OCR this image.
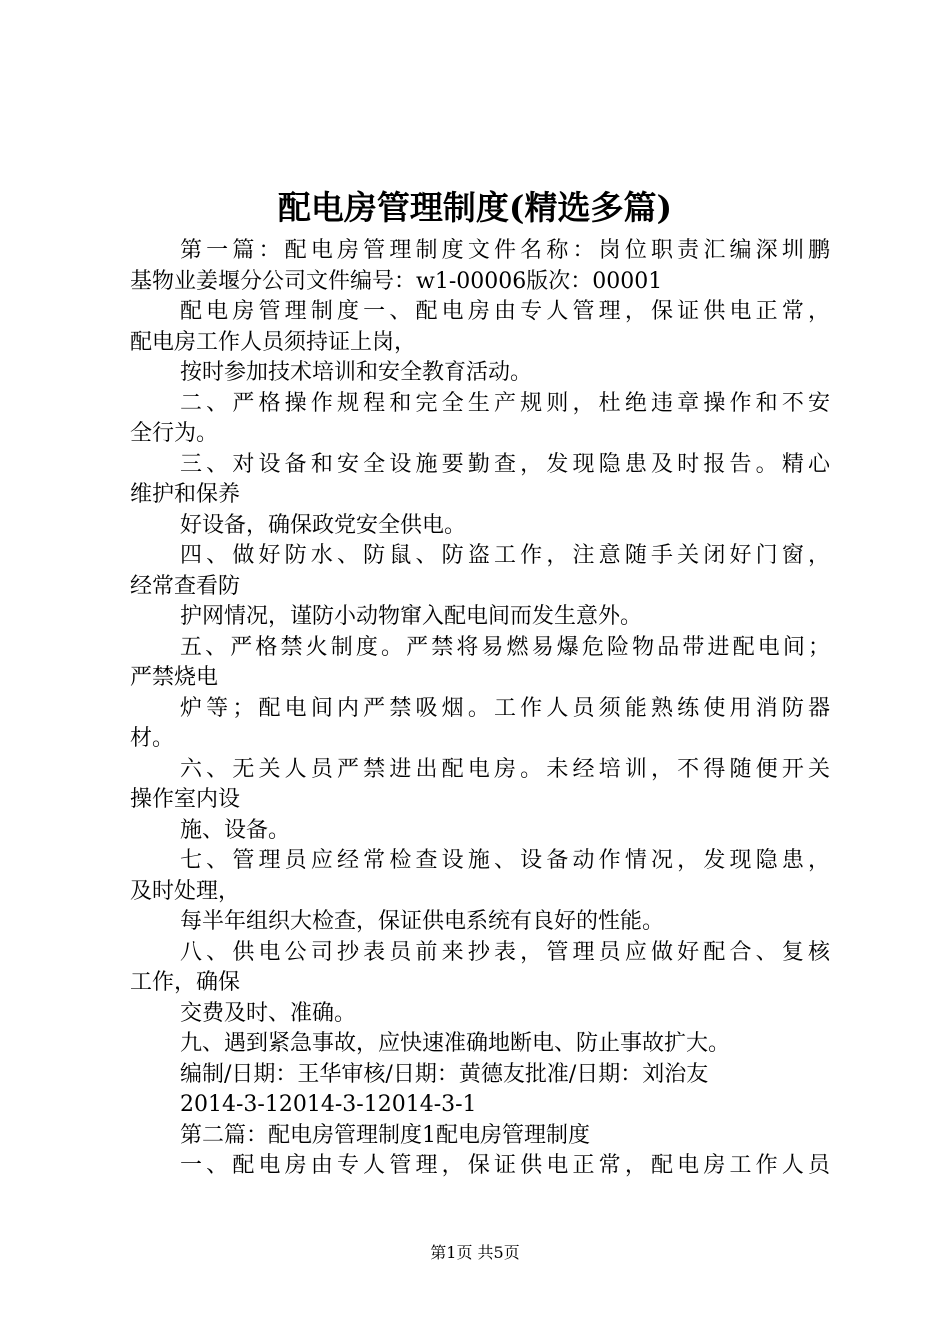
配电房管理制度(精选多篇)
第一篇：配电房管理制度文件名称：岗位职责汇编深圳鹏
基物业姜堰分公司文件编号：w1-00006版次：00001
配电房管理制度一、配电房由专人管理，保证供电正常，
配电房工作人员须持证上岗，
按时参加技术培训和安全教育活动。
二、严格操作规程和完全生产规则，杜绝违章操作和不安
全行为。
三、对设备和安全设施要勤查，发现隐患及时报告。精心
维护和保养
好设备，确保政党安全供电。
四、做好防水、防鼠、防盗工作，注意随手关闭好门窗，
经常查看防
护网情况，谨防小动物窜入配电间而发生意外。
五、严格禁火制度。严禁将易燃易爆危险物品带进配电间；
严禁烧电
炉等；配电间内严禁吸烟。工作人员须能熟练使用消防器
材。
六、无关人员严禁进出配电房。未经培训，不得随便开关
操作室内设
施、设备。
七、管理员应经常检查设施、设备动作情况，发现隐患，
及时处理，
每半年组织大检查，保证供电系统有良好的性能。
八、供电公司抄表员前来抄表，管理员应做好配合、复核
工作，确保
交费及时、准确。
九、遇到紧急事故，应快速准确地断电、防止事故扩大。
编制/日期：王华审核/日期：黄德友批准/日期：刘治友
2014-3-12014-3-12014-3-1
第二篇：配电房管理制度1配电房管理制度
一、配电房由专人管理，保证供电正常，配电房工作人员
第1页 共5页
